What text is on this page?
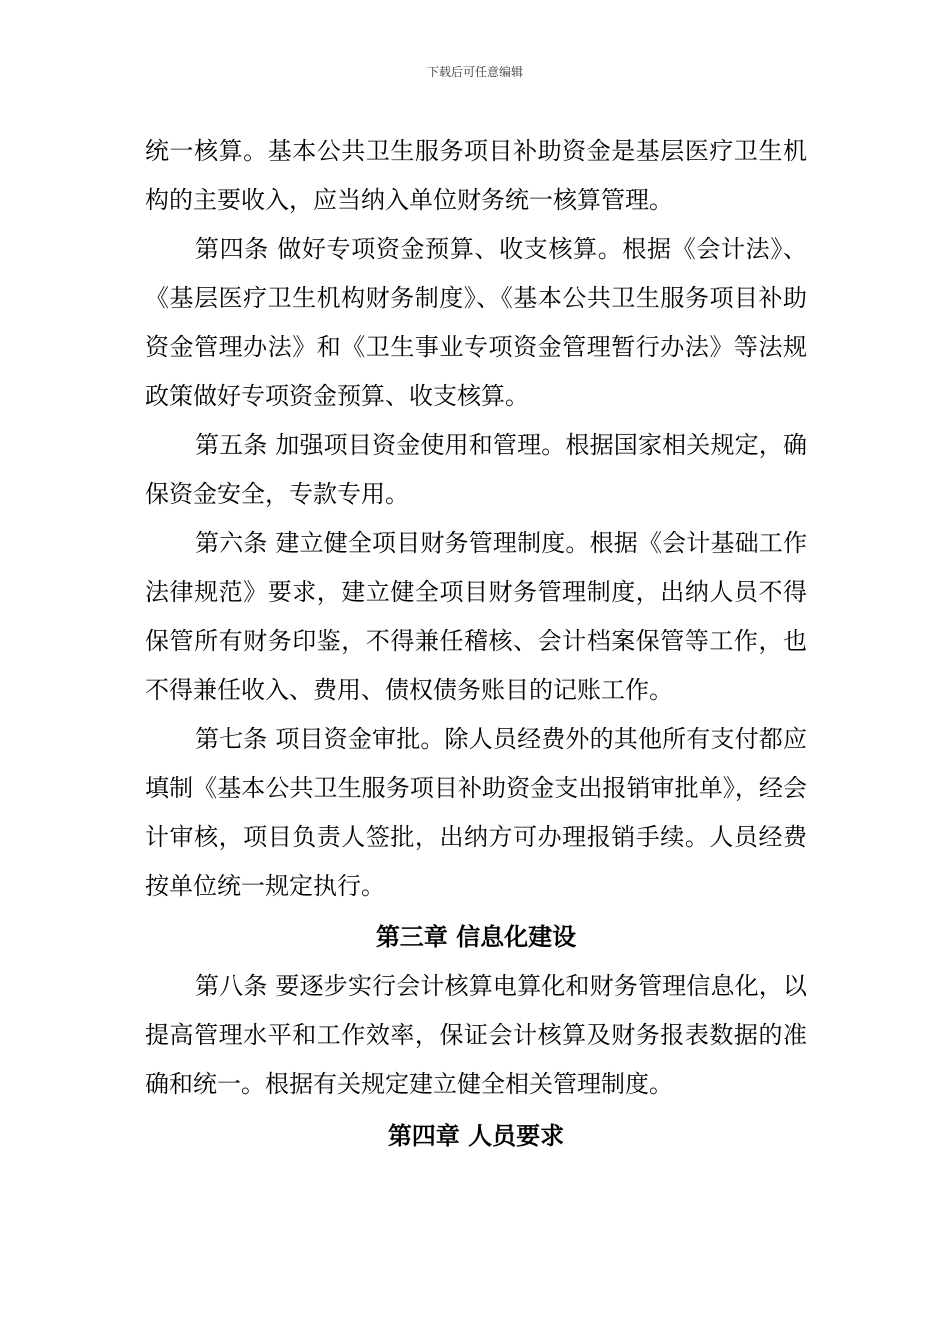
下载后可任意编辑

统一核算。基本公共卫生服务项目补助资金是基层医疗卫生机构的主要收入，应当纳入单位财务统一核算管理。

第四条 做好专项资金预算、收支核算。根据《会计法》、《基层医疗卫生机构财务制度》、《基本公共卫生服务项目补助资金管理办法》和《卫生事业专项资金管理暂行办法》等法规政策做好专项资金预算、收支核算。

第五条 加强项目资金使用和管理。根据国家相关规定，确保资金安全，专款专用。

第六条 建立健全项目财务管理制度。根据《会计基础工作法律规范》要求，建立健全项目财务管理制度，出纳人员不得保管所有财务印鉴，不得兼任稽核、会计档案保管等工作，也不得兼任收入、费用、债权债务账目的记账工作。

第七条 项目资金审批。除人员经费外的其他所有支付都应填制《基本公共卫生服务项目补助资金支出报销审批单》，经会计审核，项目负责人签批，出纳方可办理报销手续。人员经费按单位统一规定执行。

第三章 信息化建设

第八条 要逐步实行会计核算电算化和财务管理信息化，以提高管理水平和工作效率，保证会计核算及财务报表数据的准确和统一。根据有关规定建立健全相关管理制度。

第四章 人员要求
